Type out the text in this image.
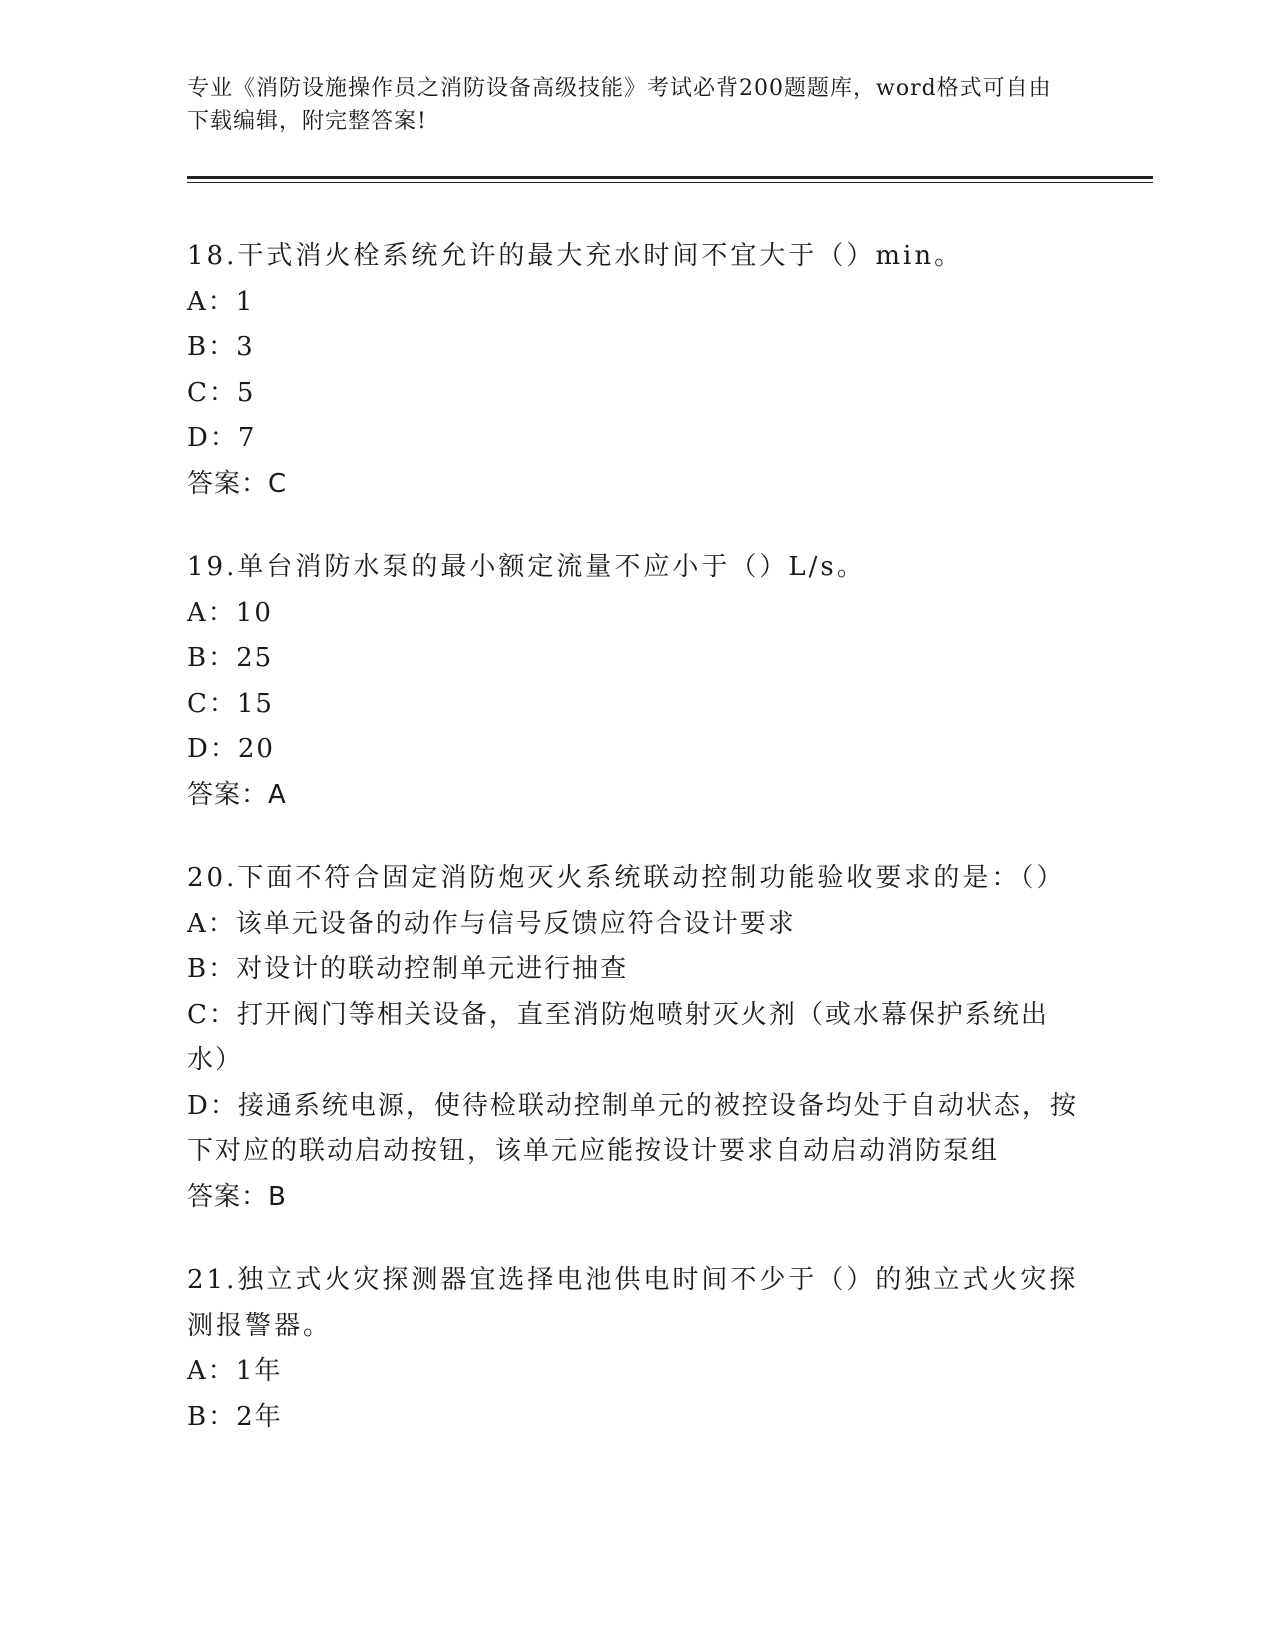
专业《消防设施操作员之消防设备高级技能》考试必背200题题库，word格式可自由下载编辑，附完整答案!

18.干式消火栓系统允许的最大充水时间不宜大于（）min。

A：1

B：3

C：5

D：7

答案：C

19.单台消防水泵的最小额定流量不应小于（）L/s。

A：10

B：25

C：15

D：20

答案：A

20.下面不符合固定消防炮灭火系统联动控制功能验收要求的是：（）

A：该单元设备的动作与信号反馈应符合设计要求

B：对设计的联动控制单元进行抽查

C：打开阀门等相关设备，直至消防炮喷射灭火剂（或水幕保护系统出水）

D：接通系统电源，使待检联动控制单元的被控设备均处于自动状态，按下对应的联动启动按钮，该单元应能按设计要求自动启动消防泵组

答案：B

21.独立式火灾探测器宜选择电池供电时间不少于（）的独立式火灾探测报警器。

A：1年

B：2年
